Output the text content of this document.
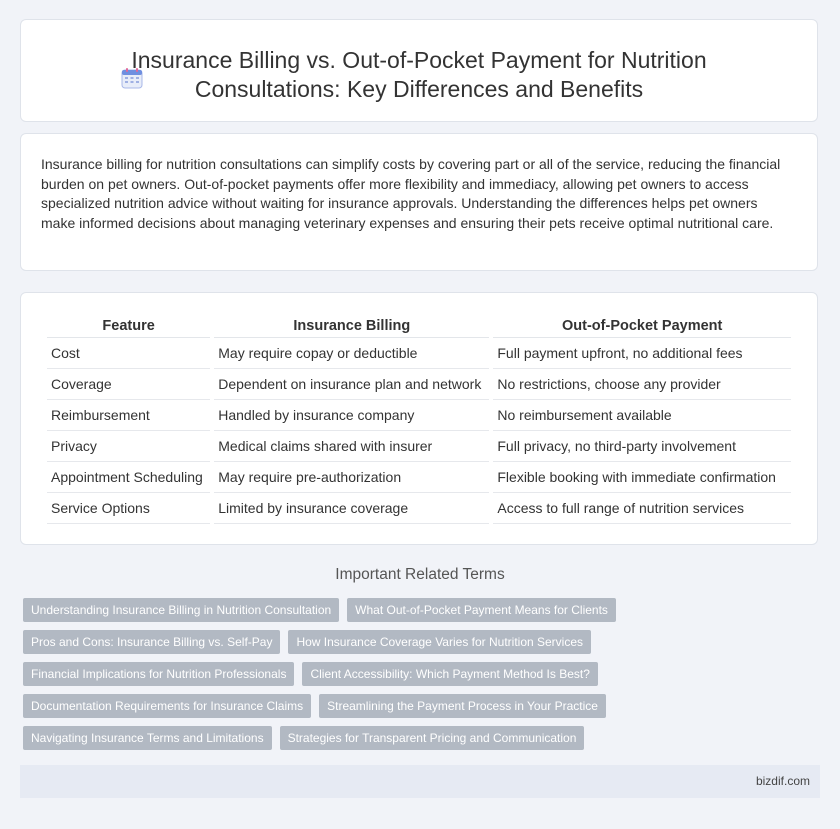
Insurance Billing vs. Out-of-Pocket Payment for Nutrition
Consultations: Key Differences and Benefits

Insurance billing for nutrition consultations can simplify costs by covering part or all of the service, reducing the financial burden on pet owners. Out-of-pocket payments offer more flexibility and immediacy, allowing pet owners to access specialized nutrition advice without waiting for insurance approvals. Understanding the differences helps pet owners make informed decisions about managing veterinary expenses and ensuring their pets receive optimal nutritional care.

Feature	Insurance Billing	Out-of-Pocket Payment
Cost	May require copay or deductible	Full payment upfront, no additional fees
Coverage	Dependent on insurance plan and network	No restrictions, choose any provider
Reimbursement	Handled by insurance company	No reimbursement available
Privacy	Medical claims shared with insurer	Full privacy, no third-party involvement
Appointment Scheduling	May require pre-authorization	Flexible booking with immediate confirmation
Service Options	Limited by insurance coverage	Access to full range of nutrition services
Important Related Terms
Understanding Insurance Billing in Nutrition Consultation	What Out-of-Pocket Payment Means for Clients
Pros and Cons: Insurance Billing vs. Self-Pay	How Insurance Coverage Varies for Nutrition Services
Financial Implications for Nutrition Professionals	Client Accessibility: Which Payment Method Is Best?
Documentation Requirements for Insurance Claims	Streamlining the Payment Process in Your Practice
Navigating Insurance Terms and Limitations	Strategies for Transparent Pricing and Communication
bizdif.com
